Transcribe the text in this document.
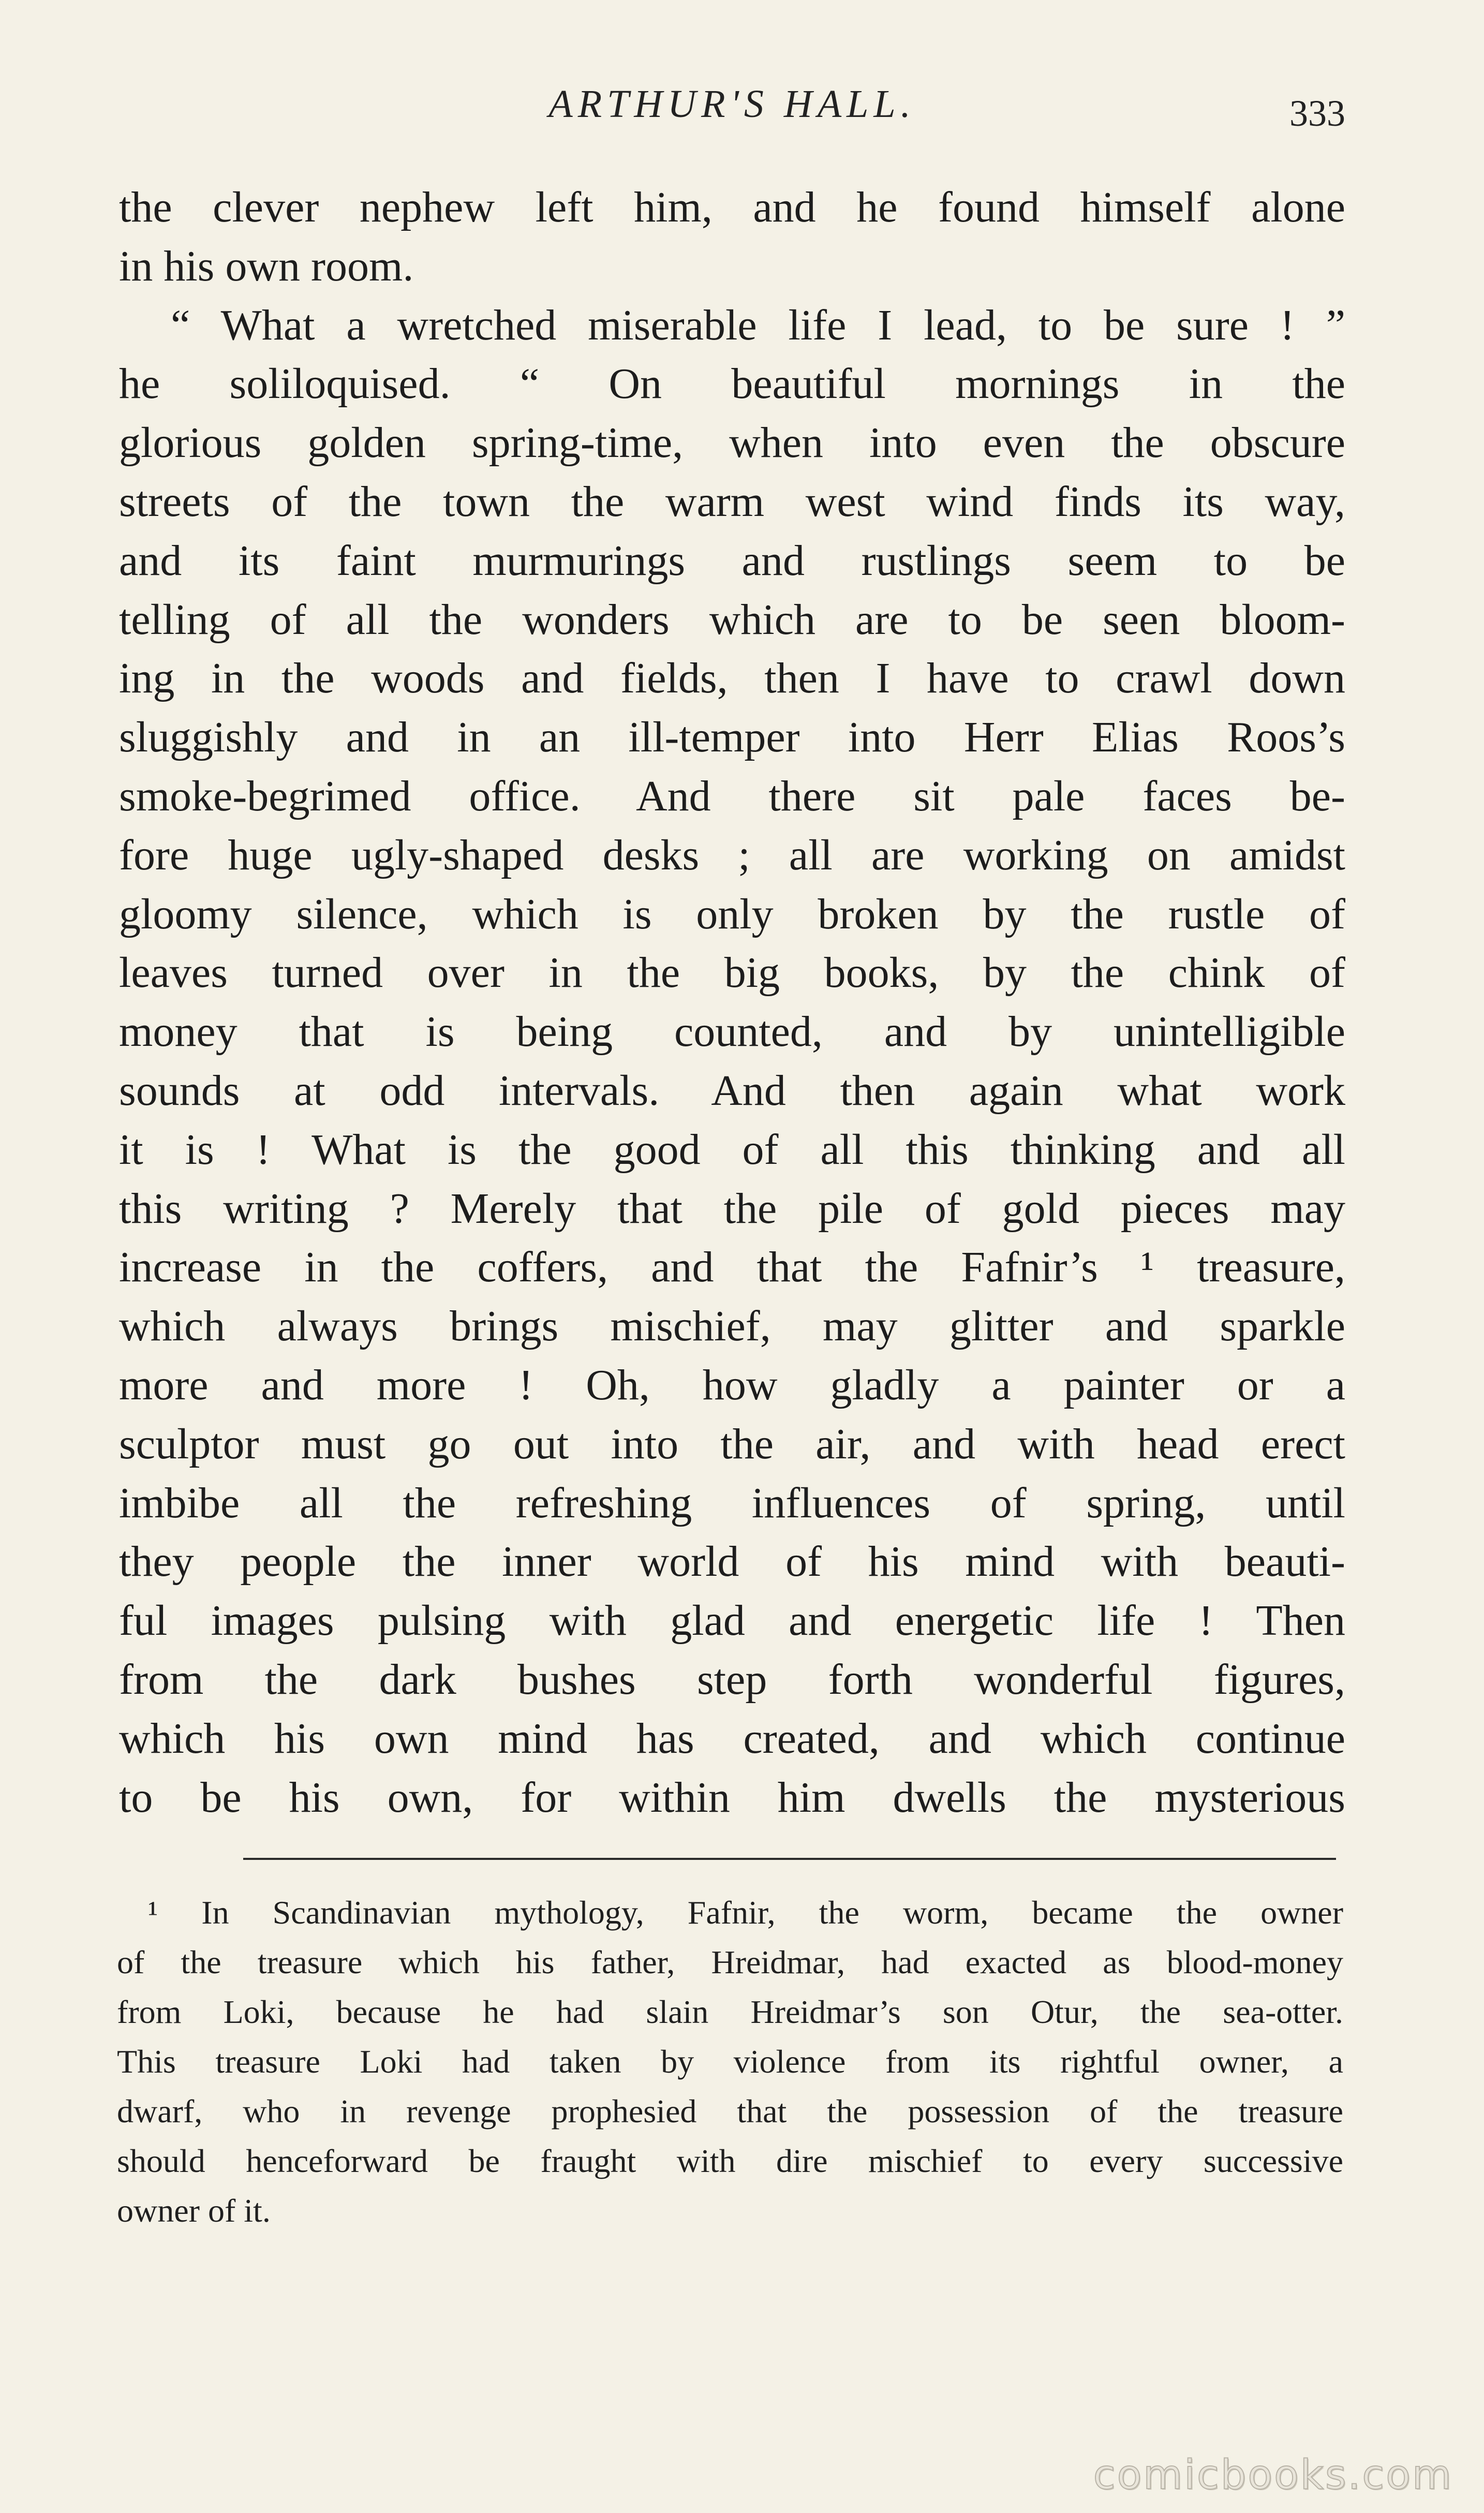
ARTHUR'S HALL.	333
the clever nephew left him, and he found himself alone
in his own room.
“ What a wretched miserable life I lead, to be sure ! ”
he soliloquised. “ On beautiful mornings in the
glorious golden spring-time, when into even the obscure
streets of the town the warm west wind finds its way,
and its faint murmurings and rustlings seem to be
telling of all the wonders which are to be seen bloom-
ing in the woods and fields, then I have to crawl down
sluggishly and in an ill-temper into Herr Elias Roos’s
smoke-begrimed office. And there sit pale faces be-
fore huge ugly-shaped desks ; all are working on amidst
gloomy silence, which is only broken by the rustle of
leaves turned over in the big books, by the chink of
money that is being counted, and by unintelligible
sounds at odd intervals. And then again what work
it is ! What is the good of all this thinking and all
this writing ? Merely that the pile of gold pieces may
increase in the coffers, and that the Fafnir’s ¹ treasure,
which always brings mischief, may glitter and sparkle
more and more ! Oh, how gladly a painter or a
sculptor must go out into the air, and with head erect
imbibe all the refreshing influences of spring, until
they people the inner world of his mind with beauti-
ful images pulsing with glad and energetic life ! Then
from the dark bushes step forth wonderful figures,
which his own mind has created, and which continue
to be his own, for within him dwells the mysterious
¹ In Scandinavian mythology, Fafnir, the worm, became the owner
of the treasure which his father, Hreidmar, had exacted as blood-money
from Loki, because he had slain Hreidmar’s son Otur, the sea-otter.
This treasure Loki had taken by violence from its rightful owner, a
dwarf, who in revenge prophesied that the possession of the treasure
should henceforward be fraught with dire mischief to every successive
owner of it.
comicbooks.com
